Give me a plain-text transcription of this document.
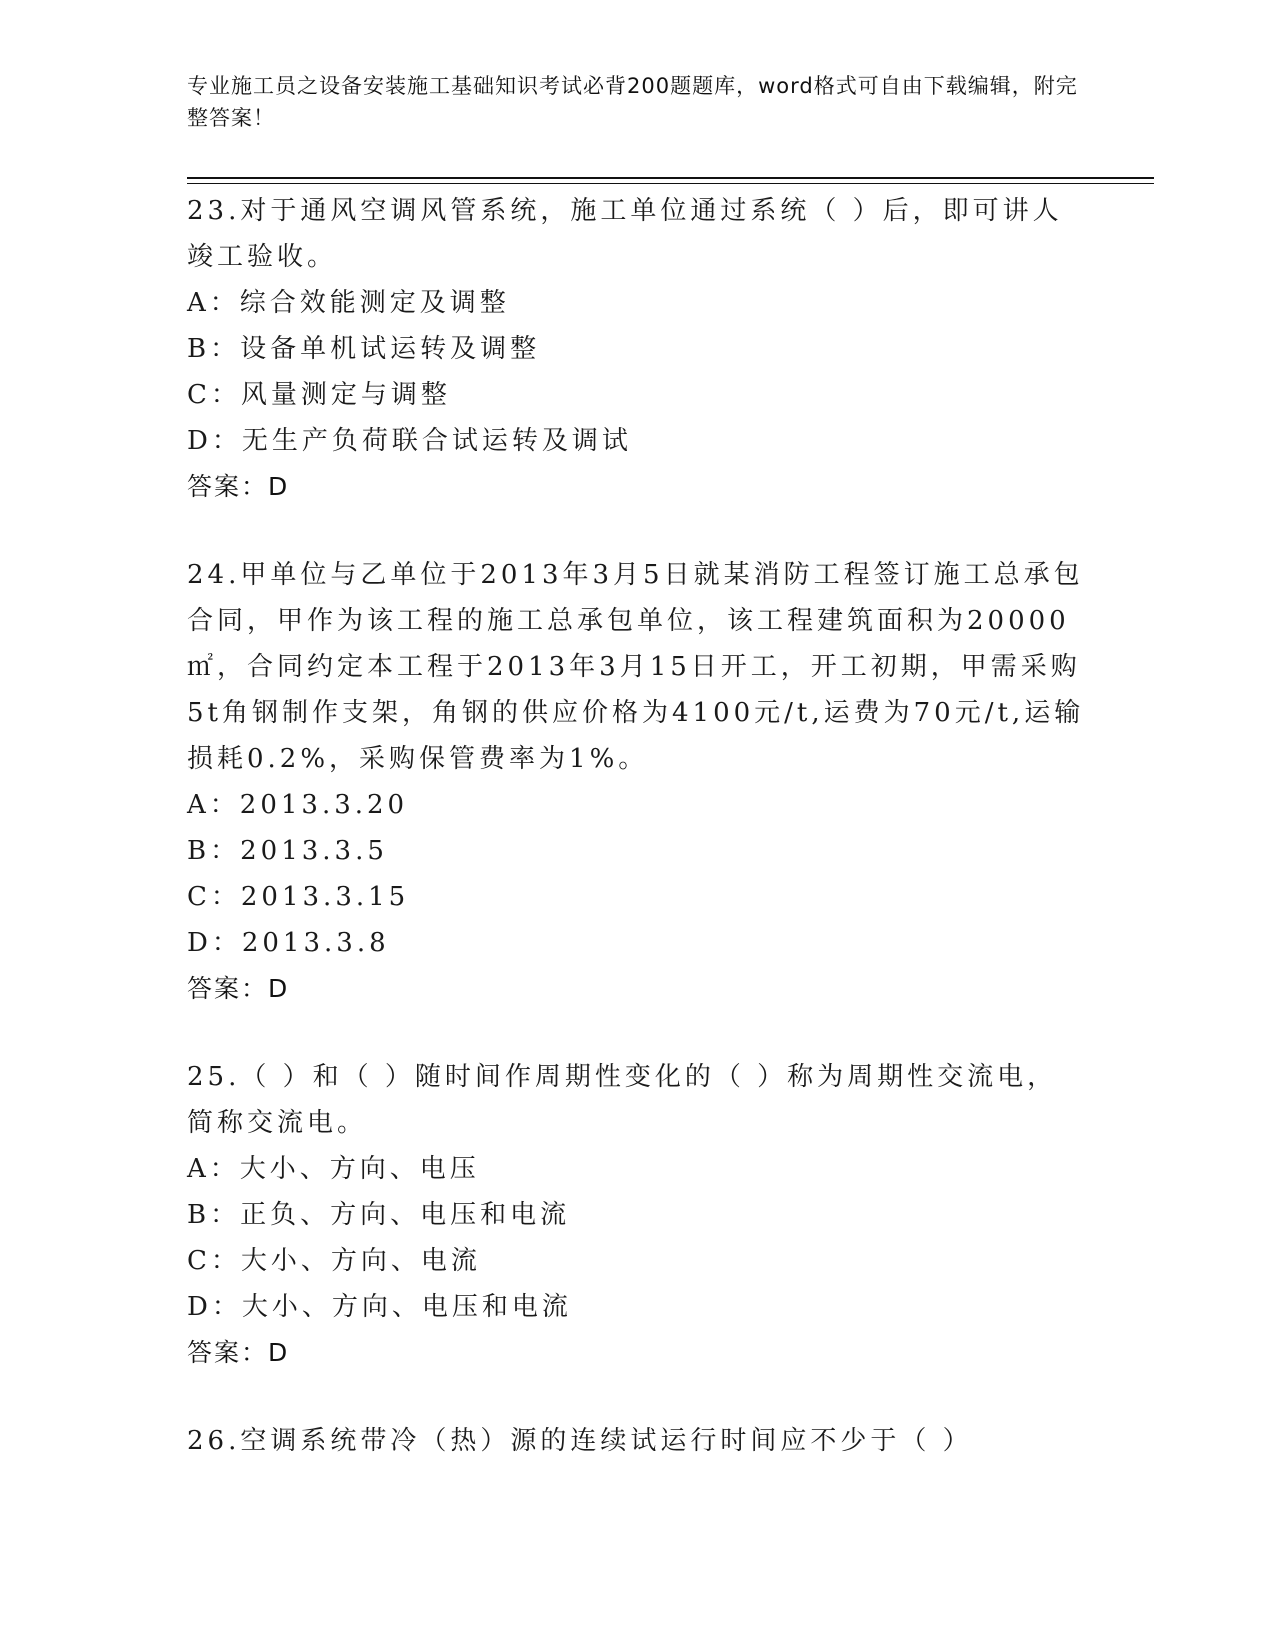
专业施工员之设备安装施工基础知识考试必背200题题库，word格式可自由下载编辑，附完整答案！

23.对于通风空调风管系统，施工单位通过系统（ ）后，即可讲人竣工验收。

A：综合效能测定及调整

B：设备单机试运转及调整

C：风量测定与调整

D：无生产负荷联合试运转及调试

答案：D

24.甲单位与乙单位于2013年3月5日就某消防工程签订施工总承包合同，甲作为该工程的施工总承包单位，该工程建筑面积为20000㎡，合同约定本工程于2013年3月15日开工，开工初期，甲需采购5t角钢制作支架，角钢的供应价格为4100元/t,运费为70元/t,运输损耗0.2%，采购保管费率为1%。

A：2013.3.20

B：2013.3.5

C：2013.3.15

D：2013.3.8

答案：D

25.（ ）和（ ）随时间作周期性变化的（ ）称为周期性交流电，简称交流电。

A：大小、方向、电压

B：正负、方向、电压和电流

C：大小、方向、电流

D：大小、方向、电压和电流

答案：D

26.空调系统带冷（热）源的连续试运行时间应不少于（ ）
